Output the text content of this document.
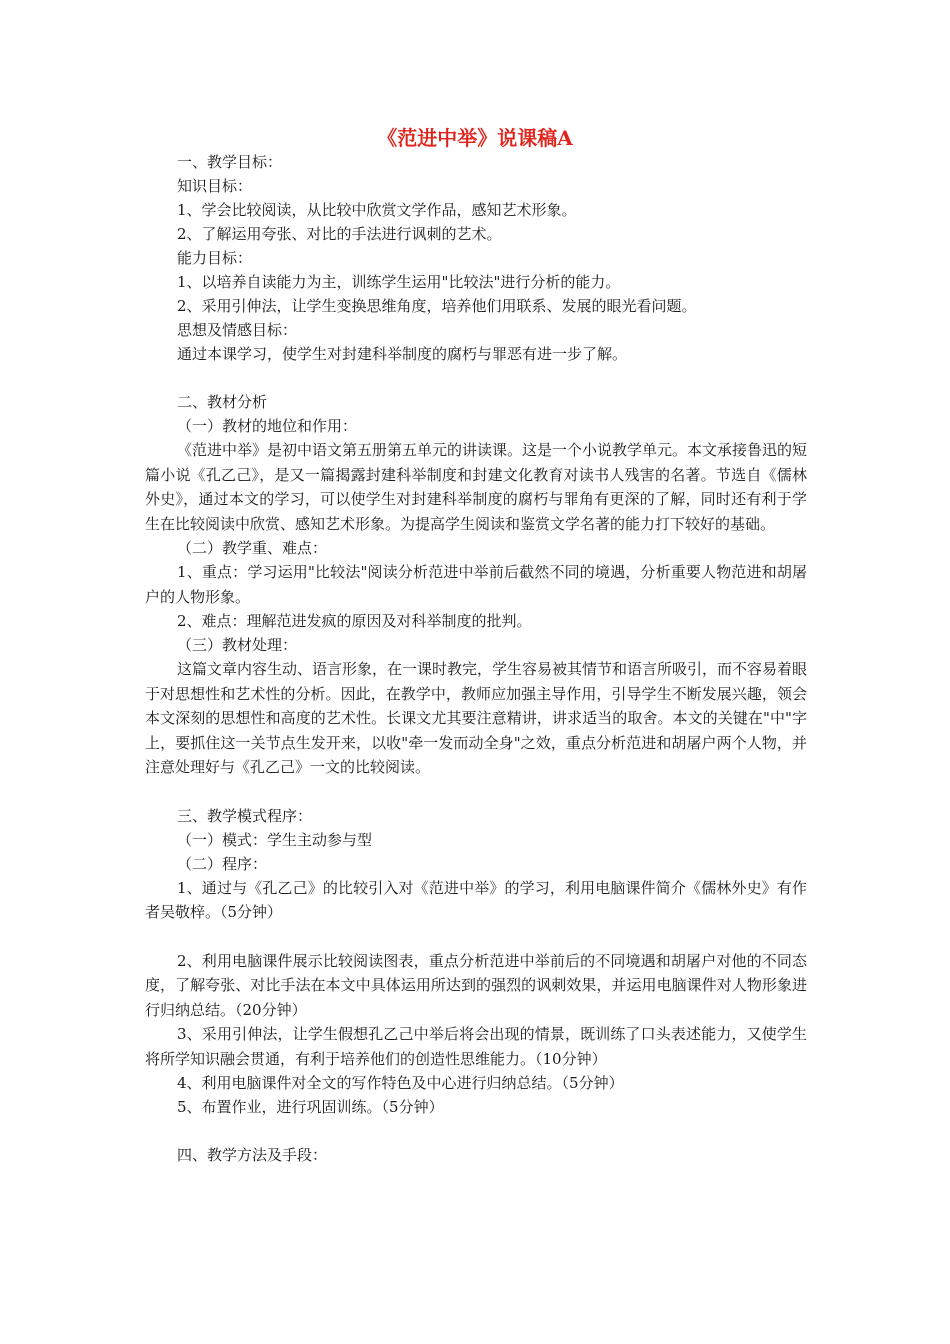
《范进中举》说课稿A
一、教学目标：
知识目标：
1、学会比较阅读，从比较中欣赏文学作品，感知艺术形象。
2、了解运用夸张、对比的手法进行讽刺的艺术。
能力目标：
1、以培养自读能力为主，训练学生运用"比较法"进行分析的能力。
2、采用引伸法，让学生变换思维角度，培养他们用联系、发展的眼光看问题。
思想及情感目标：
通过本课学习，使学生对封建科举制度的腐朽与罪恶有进一步了解。
二、教材分析
（一）教材的地位和作用：
《范进中举》是初中语文第五册第五单元的讲读课。这是一个小说教学单元。本文承接鲁迅的短篇小说《孔乙己》，是又一篇揭露封建科举制度和封建文化教育对读书人残害的名著。节选自《儒林外史》，通过本文的学习，可以使学生对封建科举制度的腐朽与罪角有更深的了解，同时还有利于学生在比较阅读中欣赏、感知艺术形象。为提高学生阅读和鉴赏文学名著的能力打下较好的基础。
（二）教学重、难点：
1、重点：学习运用"比较法"阅读分析范进中举前后截然不同的境遇，分析重要人物范进和胡屠户的人物形象。
2、难点：理解范进发疯的原因及对科举制度的批判。
（三）教材处理：
这篇文章内容生动、语言形象，在一课时教完，学生容易被其情节和语言所吸引，而不容易着眼于对思想性和艺术性的分析。因此，在教学中，教师应加强主导作用，引导学生不断发展兴趣，领会本文深刻的思想性和高度的艺术性。长课文尤其要注意精讲，讲求适当的取舍。本文的关键在"中"字上，要抓住这一关节点生发开来，以收"牵一发而动全身"之效，重点分析范进和胡屠户两个人物，并注意处理好与《孔乙己》一文的比较阅读。
三、教学模式程序：
（一）模式：学生主动参与型
（二）程序：
1、通过与《孔乙己》的比较引入对《范进中举》的学习，利用电脑课件简介《儒林外史》有作者吴敬梓。（5分钟）
2、利用电脑课件展示比较阅读图表，重点分析范进中举前后的不同境遇和胡屠户对他的不同态度，了解夸张、对比手法在本文中具体运用所达到的强烈的讽刺效果，并运用电脑课件对人物形象进行归纳总结。（20分钟）
3、采用引伸法，让学生假想孔乙己中举后将会出现的情景，既训练了口头表述能力，又使学生将所学知识融会贯通，有利于培养他们的创造性思维能力。（10分钟）
4、利用电脑课件对全文的写作特色及中心进行归纳总结。（5分钟）
5、布置作业，进行巩固训练。（5分钟）
四、教学方法及手段：
